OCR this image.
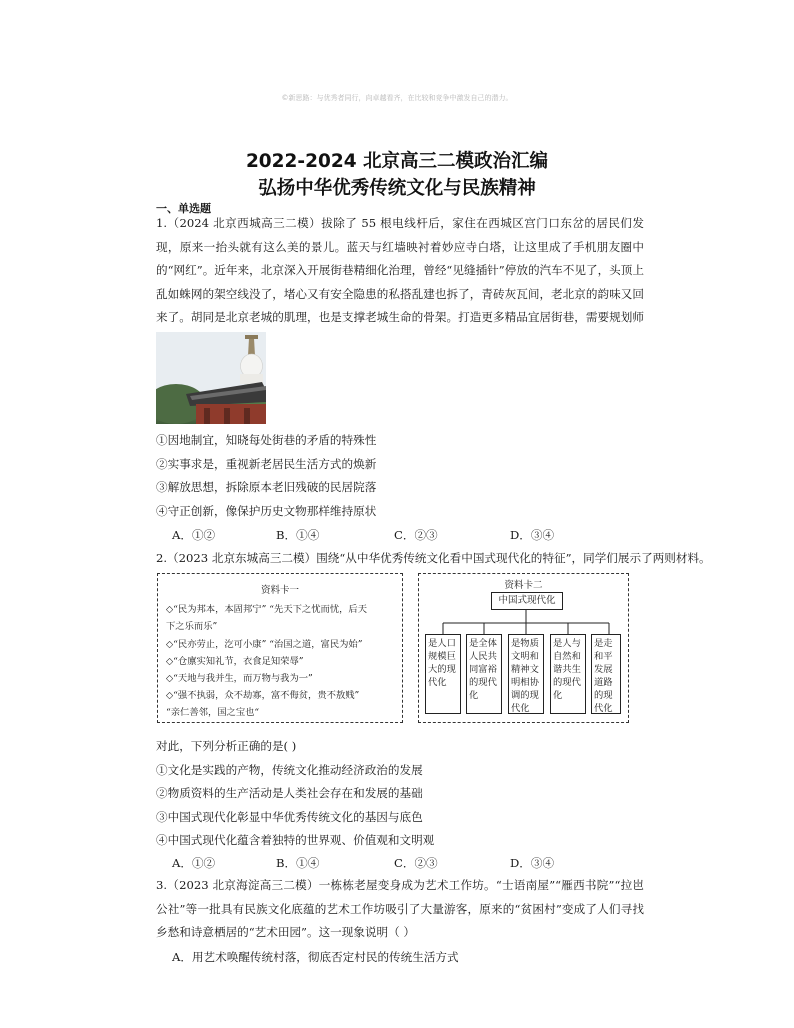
©新思路：与优秀者同行，向卓越看齐，在比较和竞争中激发自己的潜力。
2022-2024 北京高三二模政治汇编
弘扬中华优秀传统文化与民族精神
一、单选题

1.（2024 北京西城高三二模）拔除了 55 根电线杆后，家住在西城区宫门口东岔的居民们发现，原来一抬头就有这么美的景儿。蓝天与红墙映衬着妙应寺白塔，让这里成了手机朋友圈中的“网红”。近年来，北京深入开展街巷精细化治理，曾经“见缝插针”停放的汽车不见了，头顶上乱如蛛网的架空线没了，堵心又有安全隐患的私搭乱建也拆了，青砖灰瓦间，老北京的韵味又回来了。胡同是北京老城的肌理，也是支撑老城生命的骨架。打造更多精品宜居街巷，需要规划师

①因地制宜，知晓每处街巷的矛盾的特殊性
②实事求是，重视新老居民生活方式的焕新
③解放思想，拆除原本老旧残破的民居院落
④守正创新，像保护历史文物那样维持原状
A．①②	B．①④	C．②③	D．③④
2.（2023 北京东城高三二模）围绕“从中华优秀传统文化看中国式现代化的特征”，同学们展示了两则材料。
资料卡一
◇“民为邦本，本固邦宁” “先天下之忧而忧，后天
下之乐而乐”
◇“民亦劳止，汔可小康” “治国之道，富民为始”
◇“仓廪实知礼节，衣食足知荣辱”
◇“天地与我并生，而万物与我为一”
◇“强不执弱，众不劫寡，富不侮贫，贵不敖贱”
“亲仁善邻，国之宝也“
资料卡二
中国式现代化
是人口规模巨大的现代化
是全体人民共同富裕的现代化
是物质文明和精神文明相协调的现代化
是人与自然和谐共生的现代化
是走和平发展道路的现代化
对此，下列分析正确的是( )
①文化是实践的产物，传统文化推动经济政治的发展
②物质资料的生产活动是人类社会存在和发展的基础
③中国式现代化彰显中华优秀传统文化的基因与底色
④中国式现代化蕴含着独特的世界观、价值观和文明观
A．①②	B．①④	C．②③	D．③④

3.（2023 北京海淀高三二模）一栋栋老屋变身成为艺术工作坊。“士语南屋”“雁西书院”“拉岜公社”等一批具有民族文化底蕴的艺术工作坊吸引了大量游客，原来的“贫困村”变成了人们寻找乡愁和诗意栖居的“艺术田园”。这一现象说明（ ）

A．用艺术唤醒传统村落，彻底否定村民的传统生活方式
